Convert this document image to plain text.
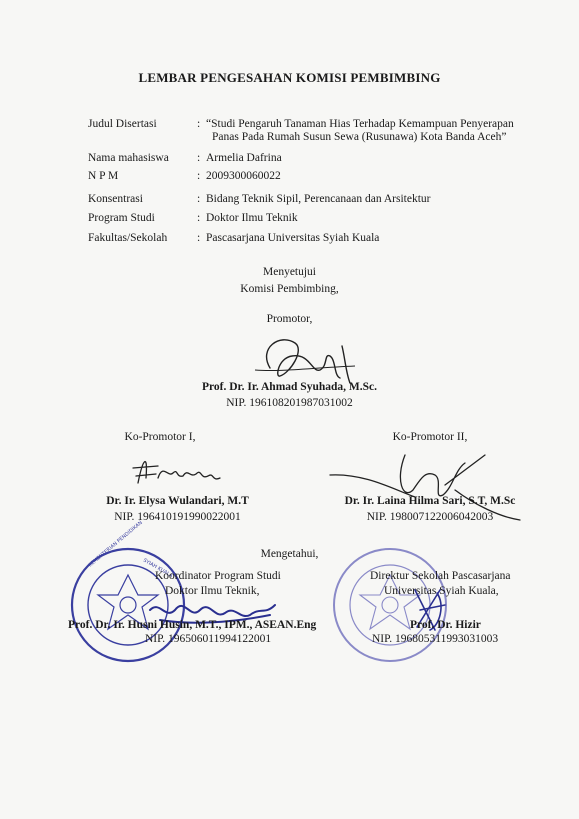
LEMBAR PENGESAHAN KOMISI PEMBIMBING
Judul Disertasi	: “Studi Pengaruh Tanaman Hias Terhadap Kemampuan Penyerapan
Panas Pada Rumah Susun Sewa (Rusunawa) Kota Banda Aceh”
Nama mahasiswa	: Armelia Dafrina
N P M	: 2009300060022
Konsentrasi	: Bidang Teknik Sipil, Perencanaan dan Arsitektur
Program Studi	: Doktor Ilmu Teknik
Fakultas/Sekolah	: Pascasarjana Universitas Syiah Kuala
Menyetujui
Komisi Pembimbing,
Promotor,
Prof. Dr. Ir. Ahmad Syuhada, M.Sc.
NIP. 196108201987031002
Ko-Promotor I,
Dr. Ir. Elysa Wulandari, M.T
NIP. 196410191990022001
Ko-Promotor II,
Dr. Ir. Laina Hilma Sari, S.T, M.Sc
NIP. 198007122006042003
Mengetahui,
KEMENTERIAN PENDIDIKAN
SYIAH KUALA
Koordinator Program Studi
Doktor Ilmu Teknik,
Prof. Dr. Ir. Husni Husin, M.T., IPM., ASEAN.Eng
NIP. 196506011994122001
Direktur Sekolah Pascasarjana
Universitas Syiah Kuala,
Prof. Dr. Hizir
NIP. 196805311993031003
